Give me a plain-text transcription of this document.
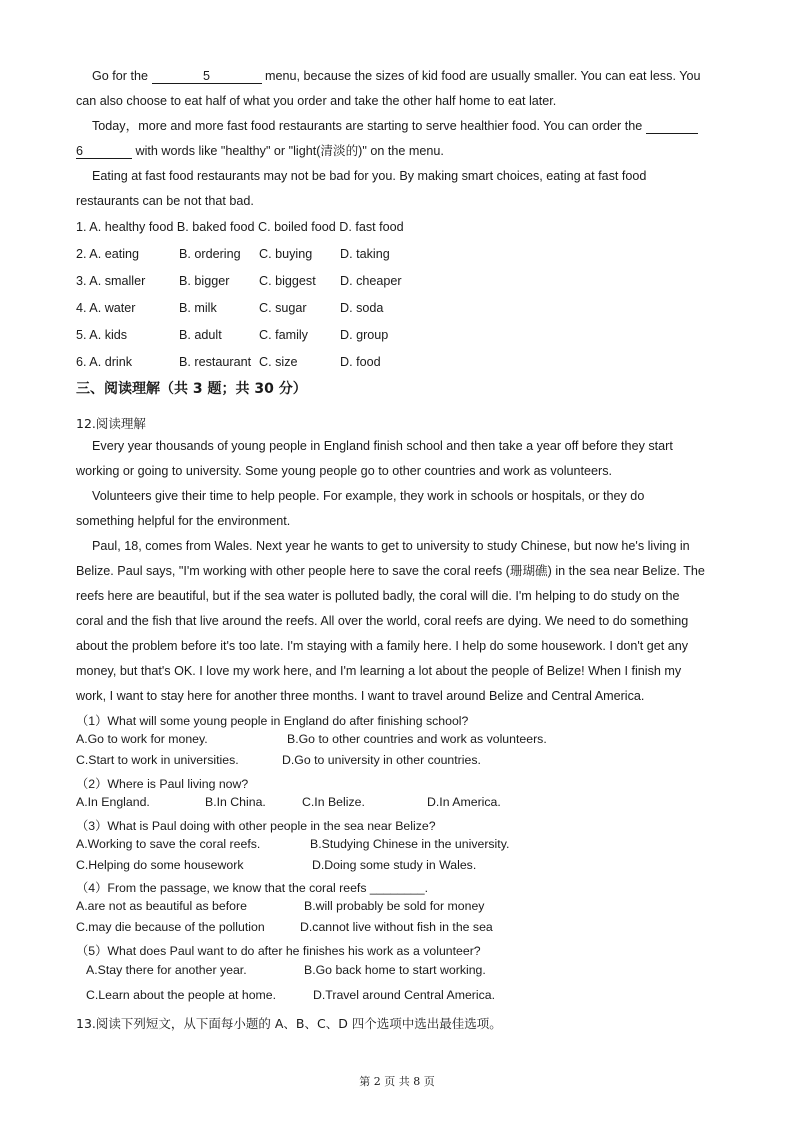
Go for the	5	menu, because the sizes of kid food are usually smaller. You can eat less. You
can also choose to eat half of what you order and take the other half home to eat later.
Today，more and more fast food restaurants are starting to serve healthier food. You can order the
6	with words like "healthy" or "light(清淡的)" on the menu.
Eating at fast food restaurants may not be bad for you. By making smart choices, eating at fast food
restaurants can be not that bad.
1. A. healthy food B. baked food C. boiled food D. fast food
2. A. eating	B. ordering C. buying D. taking
3. A. smaller	B. bigger C. biggest D. cheaper
4. A. water	B. milk	C. sugar	D. soda
5. A. kids	B. adult	C. family	D. group
6. A. drink	B. restaurant C. size	D. food
三、阅读理解（共 3 题；共 30 分）
12.阅读理解
Every year thousands of young people in England finish school and then take a year off before they start
working or going to university. Some young people go to other countries and work as volunteers.
Volunteers give their time to help people. For example, they work in schools or hospitals, or they do
something helpful for the environment.
Paul, 18, comes from Wales. Next year he wants to get to university to study Chinese, but now he's living in
Belize. Paul says, "I'm working with other people here to save the coral reefs (珊瑚礁) in the sea near Belize. The
reefs here are beautiful, but if the sea water is polluted badly, the coral will die. I'm helping to do study on the
coral and the fish that live around the reefs. All over the world, coral reefs are dying. We need to do something
about the problem before it's too late. I'm staying with a family here. I help do some housework. I don't get any
money, but that's OK. I love my work here, and I'm learning a lot about the people of Belize! When I finish my
work, I want to stay here for another three months. I want to travel around Belize and Central America.
（1）What will some young people in England do after finishing school?
A.Go to work for money.	B.Go to other countries and work as volunteers.
C.Start to work in universities.	D.Go to university in other countries.
（2）Where is Paul living now?
A.In England.	B.In China.	C.In Belize.	D.In America.
（3）What is Paul doing with other people in the sea near Belize?
A.Working to save the coral reefs.	B.Studying Chinese in the university.
C.Helping do some housework	D.Doing some study in Wales.
（4）From the passage, we know that the coral reefs ________.
A.are not as beautiful as before	B.will probably be sold for money
C.may die because of the pollution	D.cannot live without fish in the sea
（5）What does Paul want to do after he finishes his work as a volunteer?
A.Stay there for another year.	B.Go back home to start working.
C.Learn about the people at home.	D.Travel around Central America.
13.阅读下列短文，从下面每小题的 A、B、C、D 四个选项中选出最佳选项。
第 2 页 共 8 页
